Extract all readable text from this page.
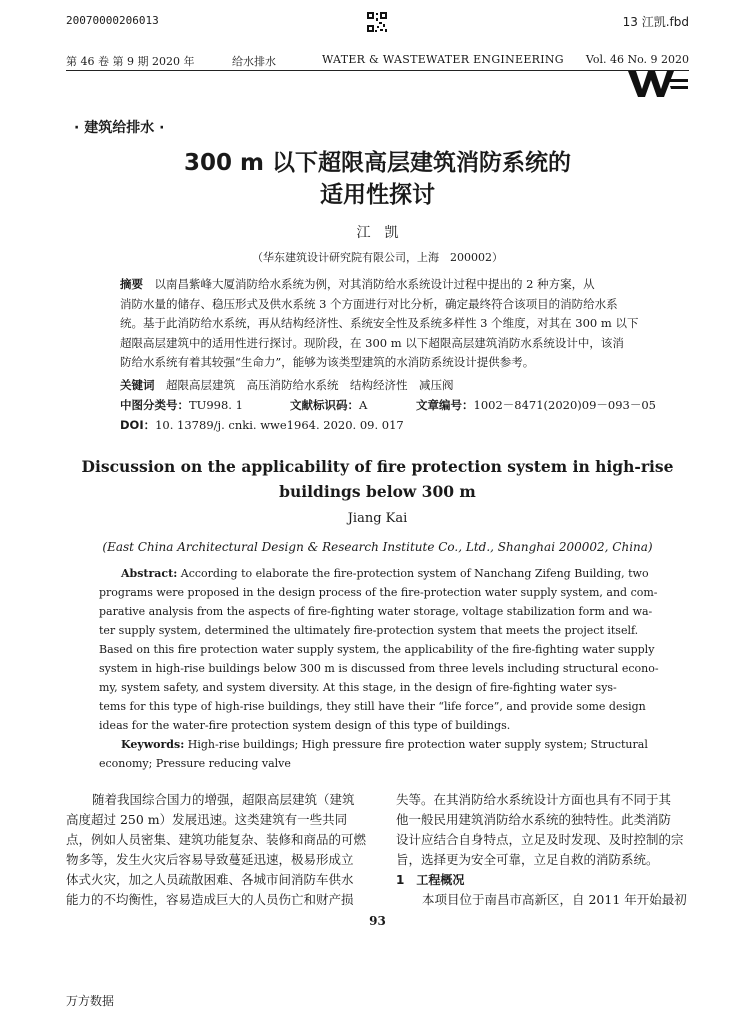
20070000206013	13 江凯.fbd
第 46 卷 第 9 期 2020 年	给水排水	WATER & WASTEWATER ENGINEERING Vol. 46 No. 9 2020
· 建筑给排水 ·
300 m 以下超限高层建筑消防系统的
适用性探讨
江　凯
（华东建筑设计研究院有限公司，上海　200002）
摘要　 以南昌紫峰大厦消防给水系统为例，对其消防给水系统设计过程中提出的 2 种方案，从
消防水量的储存、稳压形式及供水系统 3 个方面进行对比分析，确定最终符合该项目的消防给水系
统。基于此消防给水系统，再从结构经济性、系统安全性及系统多样性 3 个维度，对其在 300 m 以下
超限高层建筑中的适用性进行探讨。现阶段，在 300 m 以下超限高层建筑消防水系统设计中，该消
防给水系统有着其较强“生命力”，能够为该类型建筑的水消防系统设计提供参考。
关键词　 超限高层建筑　高压消防给水系统　结构经济性　减压阀
中图分类号：TU998. 1	文献标识码：A	文章编号：1002－8471(2020)09－093－05
DOI：10. 13789/j. cnki. wwe1964. 2020. 09. 017
Discussion on the applicability of fire protection system in high-rise
buildings below 300 m
Jiang Kai
(East China Architectural Design & Research Institute Co., Ltd., Shanghai 200002, China)
Abstract: According to elaborate the fire-protection system of Nanchang Zifeng Building, two
programs were proposed in the design process of the fire-protection water supply system, and com-
parative analysis from the aspects of fire-fighting water storage, voltage stabilization form and wa-
ter supply system, determined the ultimately fire-protection system that meets the project itself.
Based on this fire protection water supply system, the applicability of the fire-fighting water supply
system in high-rise buildings below 300 m is discussed from three levels including structural econo-
my, system safety, and system diversity. At this stage, in the design of fire-fighting water sys-
tems for this type of high-rise buildings, they still have their “life force”, and provide some design
ideas for the water-fire protection system design of this type of buildings.
Keywords: High-rise buildings; High pressure fire protection water supply system; Structural
economy; Pressure reducing valve
随着我国综合国力的增强，超限高层建筑（建筑
高度超过 250 m）发展迅速。这类建筑有一些共同
点，例如人员密集、建筑功能复杂、装修和商品的可燃
物多等，发生火灾后容易导致蔓延迅速，极易形成立
体式火灾，加之人员疏散困难、各城市间消防车供水
能力的不均衡性，容易造成巨大的人员伤亡和财产损
失等。在其消防给水系统设计方面也具有不同于其
他一般民用建筑消防给水系统的独特性。此类消防
设计应结合自身特点，立足及时发现、及时控制的宗
旨，选择更为安全可靠，立足自救的消防系统。
1　工程概况
本项目位于南昌市高新区，自 2011 年开始最初
93
万方数据
